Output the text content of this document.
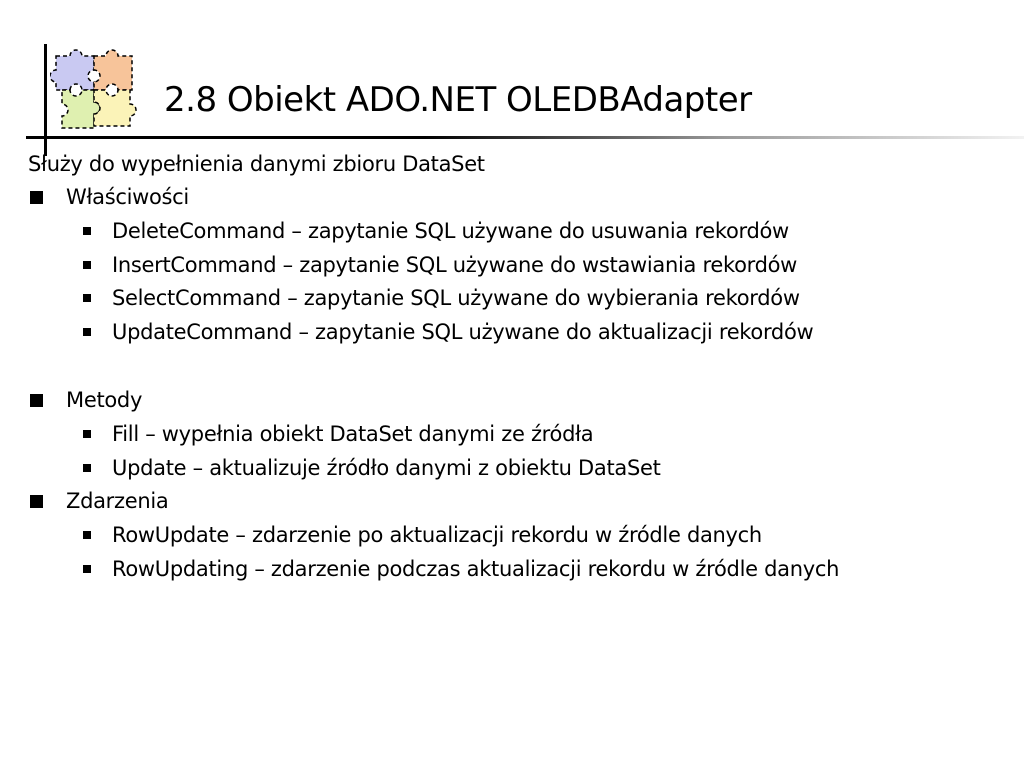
2.8 Obiekt ADO.NET OLEDBAdapter
Służy do wypełnienia danymi zbioru DataSet
Właściwości
DeleteCommand – zapytanie SQL używane do usuwania rekordów
InsertCommand – zapytanie SQL używane do wstawiania rekordów
SelectCommand – zapytanie SQL używane do wybierania rekordów
UpdateCommand – zapytanie SQL używane do aktualizacji rekordów
Metody
Fill – wypełnia obiekt DataSet danymi ze źródła
Update – aktualizuje źródło danymi z obiektu DataSet
Zdarzenia
RowUpdate – zdarzenie po aktualizacji rekordu w źródle danych
RowUpdating – zdarzenie podczas aktualizacji rekordu w źródle danych
